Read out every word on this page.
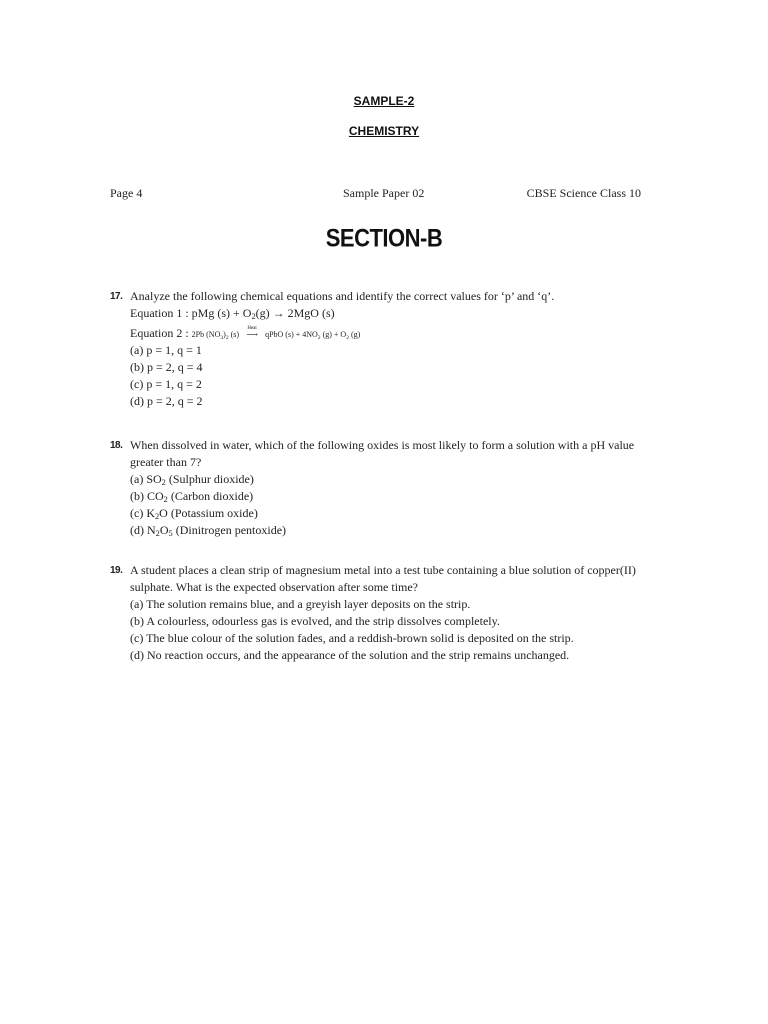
SAMPLE-2
CHEMISTRY
Page 4	Sample Paper 02	CBSE Science Class 10
SECTION-B
17. Analyze the following chemical equations and identify the correct values for ‘p’ and ‘q’.
Equation 1 : pMg $(s) + O_2(g) \to 2MgO$ (s)
Equation 2 : 2Pb $(NO_3)_2$ (s)
Heat
⟶ qPbO $(s) + 4NO_2$ $(g) + O_2$ (g)
(a) p = 1, q = 1
(b) p = 2, q = 4
(c) p = 1, q = 2
(d) p = 2, q = 2
18. When dissolved in water, which of the following oxides is most likely to form a solution with a pH value
greater than 7?
(a) $SO_2$ (Sulphur dioxide)
(b) $CO_2$ (Carbon dioxide)
(c) $K_2O$ (Potassium oxide)
(d) $N_2O_5$ (Dinitrogen pentoxide)
19. A student places a clean strip of magnesium metal into a test tube containing a blue solution of copper(II)
sulphate. What is the expected observation after some time?
(a) The solution remains blue, and a greyish layer deposits on the strip.
(b) A colourless, odourless gas is evolved, and the strip dissolves completely.
(c) The blue colour of the solution fades, and a reddish-brown solid is deposited on the strip.
(d) No reaction occurs, and the appearance of the solution and the strip remains unchanged.
